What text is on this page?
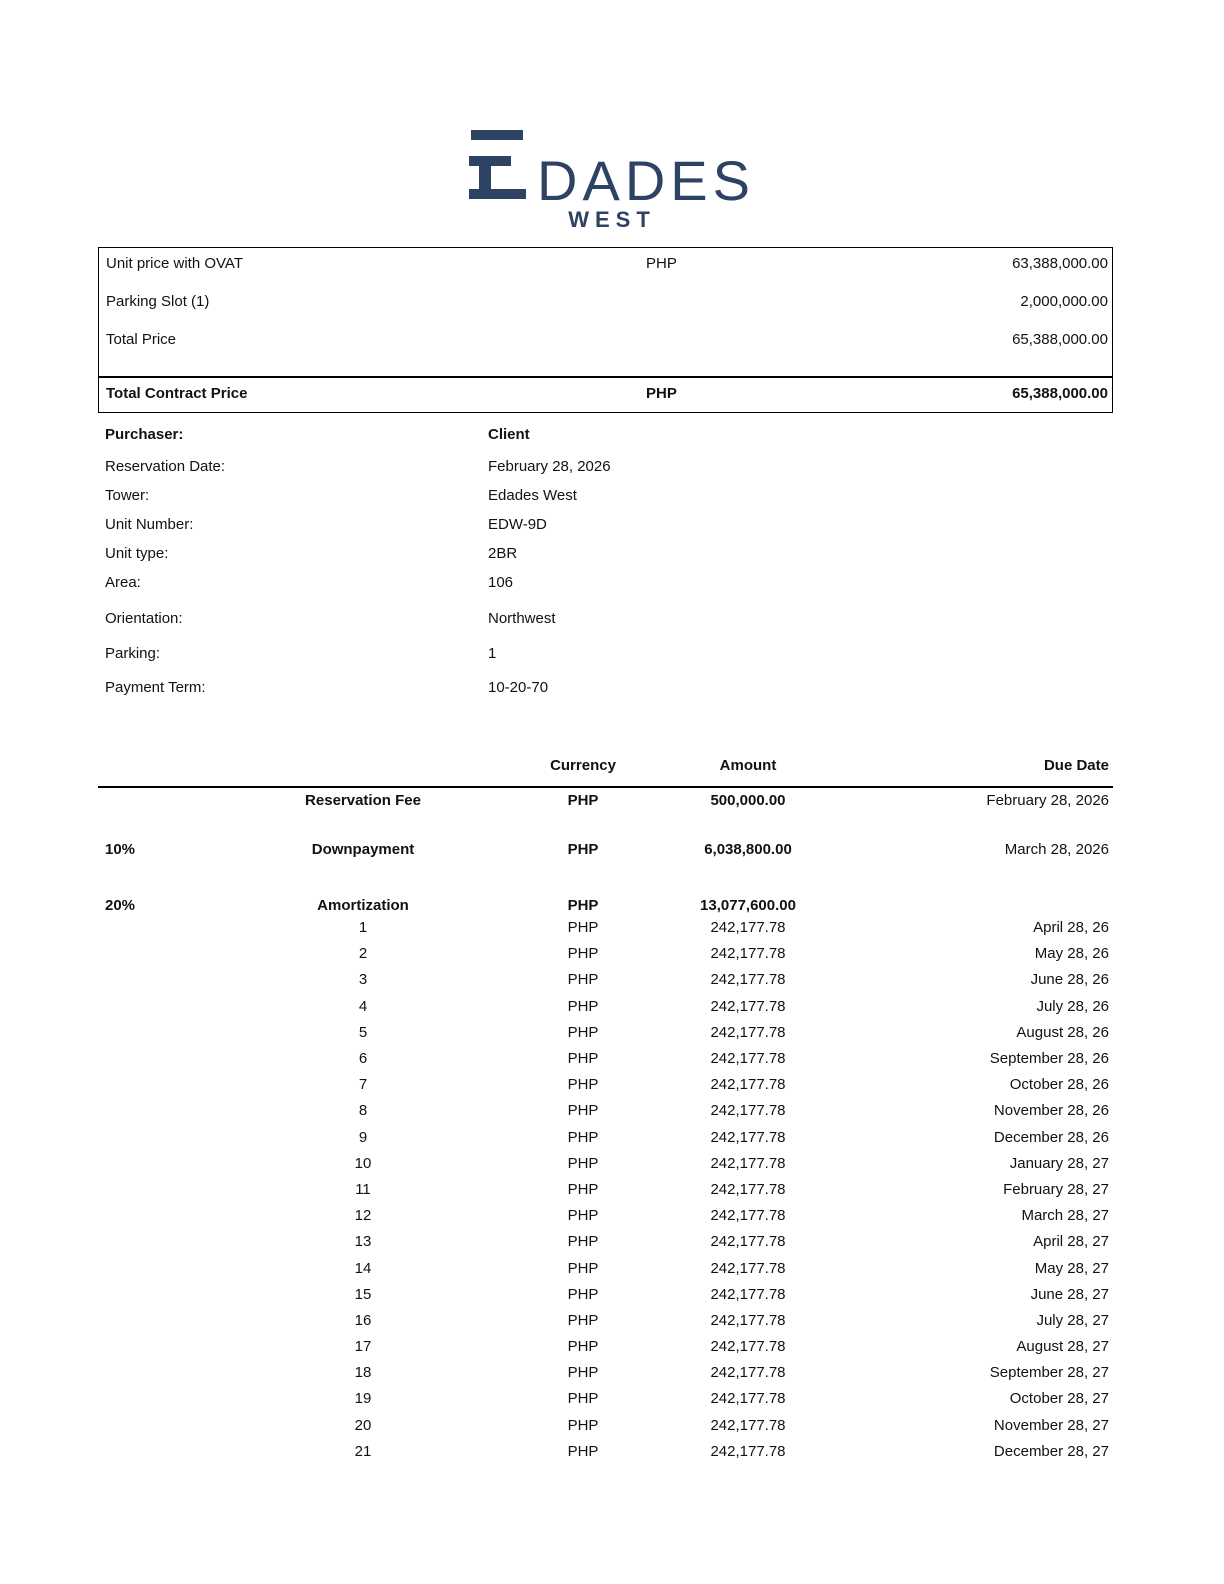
DADES
WEST
Unit price with OVAT	PHP	63,388,000.00
Parking Slot (1)	2,000,000.00
Total Price	65,388,000.00
Total Contract Price	PHP	65,388,000.00
Purchaser:	Client
Reservation Date:	February 28, 2026
Tower:	Edades West
Unit Number:	EDW-9D
Unit type:	2BR
Area:	106
Orientation:	Northwest
Parking:	1
Payment Term:	10-20-70
Currency	Amount	Due Date
Reservation Fee	PHP	500,000.00	February 28, 2026
10%	Downpayment	PHP	6,038,800.00	March 28, 2026
20%	Amortization	PHP	13,077,600.00
1	PHP	242,177.78	April 28, 26
2	PHP	242,177.78	May 28, 26
3	PHP	242,177.78	June 28, 26
4	PHP	242,177.78	July 28, 26
5	PHP	242,177.78	August 28, 26
6	PHP	242,177.78	September 28, 26
7	PHP	242,177.78	October 28, 26
8	PHP	242,177.78	November 28, 26
9	PHP	242,177.78	December 28, 26
10	PHP	242,177.78	January 28, 27
11	PHP	242,177.78	February 28, 27
12	PHP	242,177.78	March 28, 27
13	PHP	242,177.78	April 28, 27
14	PHP	242,177.78	May 28, 27
15	PHP	242,177.78	June 28, 27
16	PHP	242,177.78	July 28, 27
17	PHP	242,177.78	August 28, 27
18	PHP	242,177.78	September 28, 27
19	PHP	242,177.78	October 28, 27
20	PHP	242,177.78	November 28, 27
21	PHP	242,177.78	December 28, 27
